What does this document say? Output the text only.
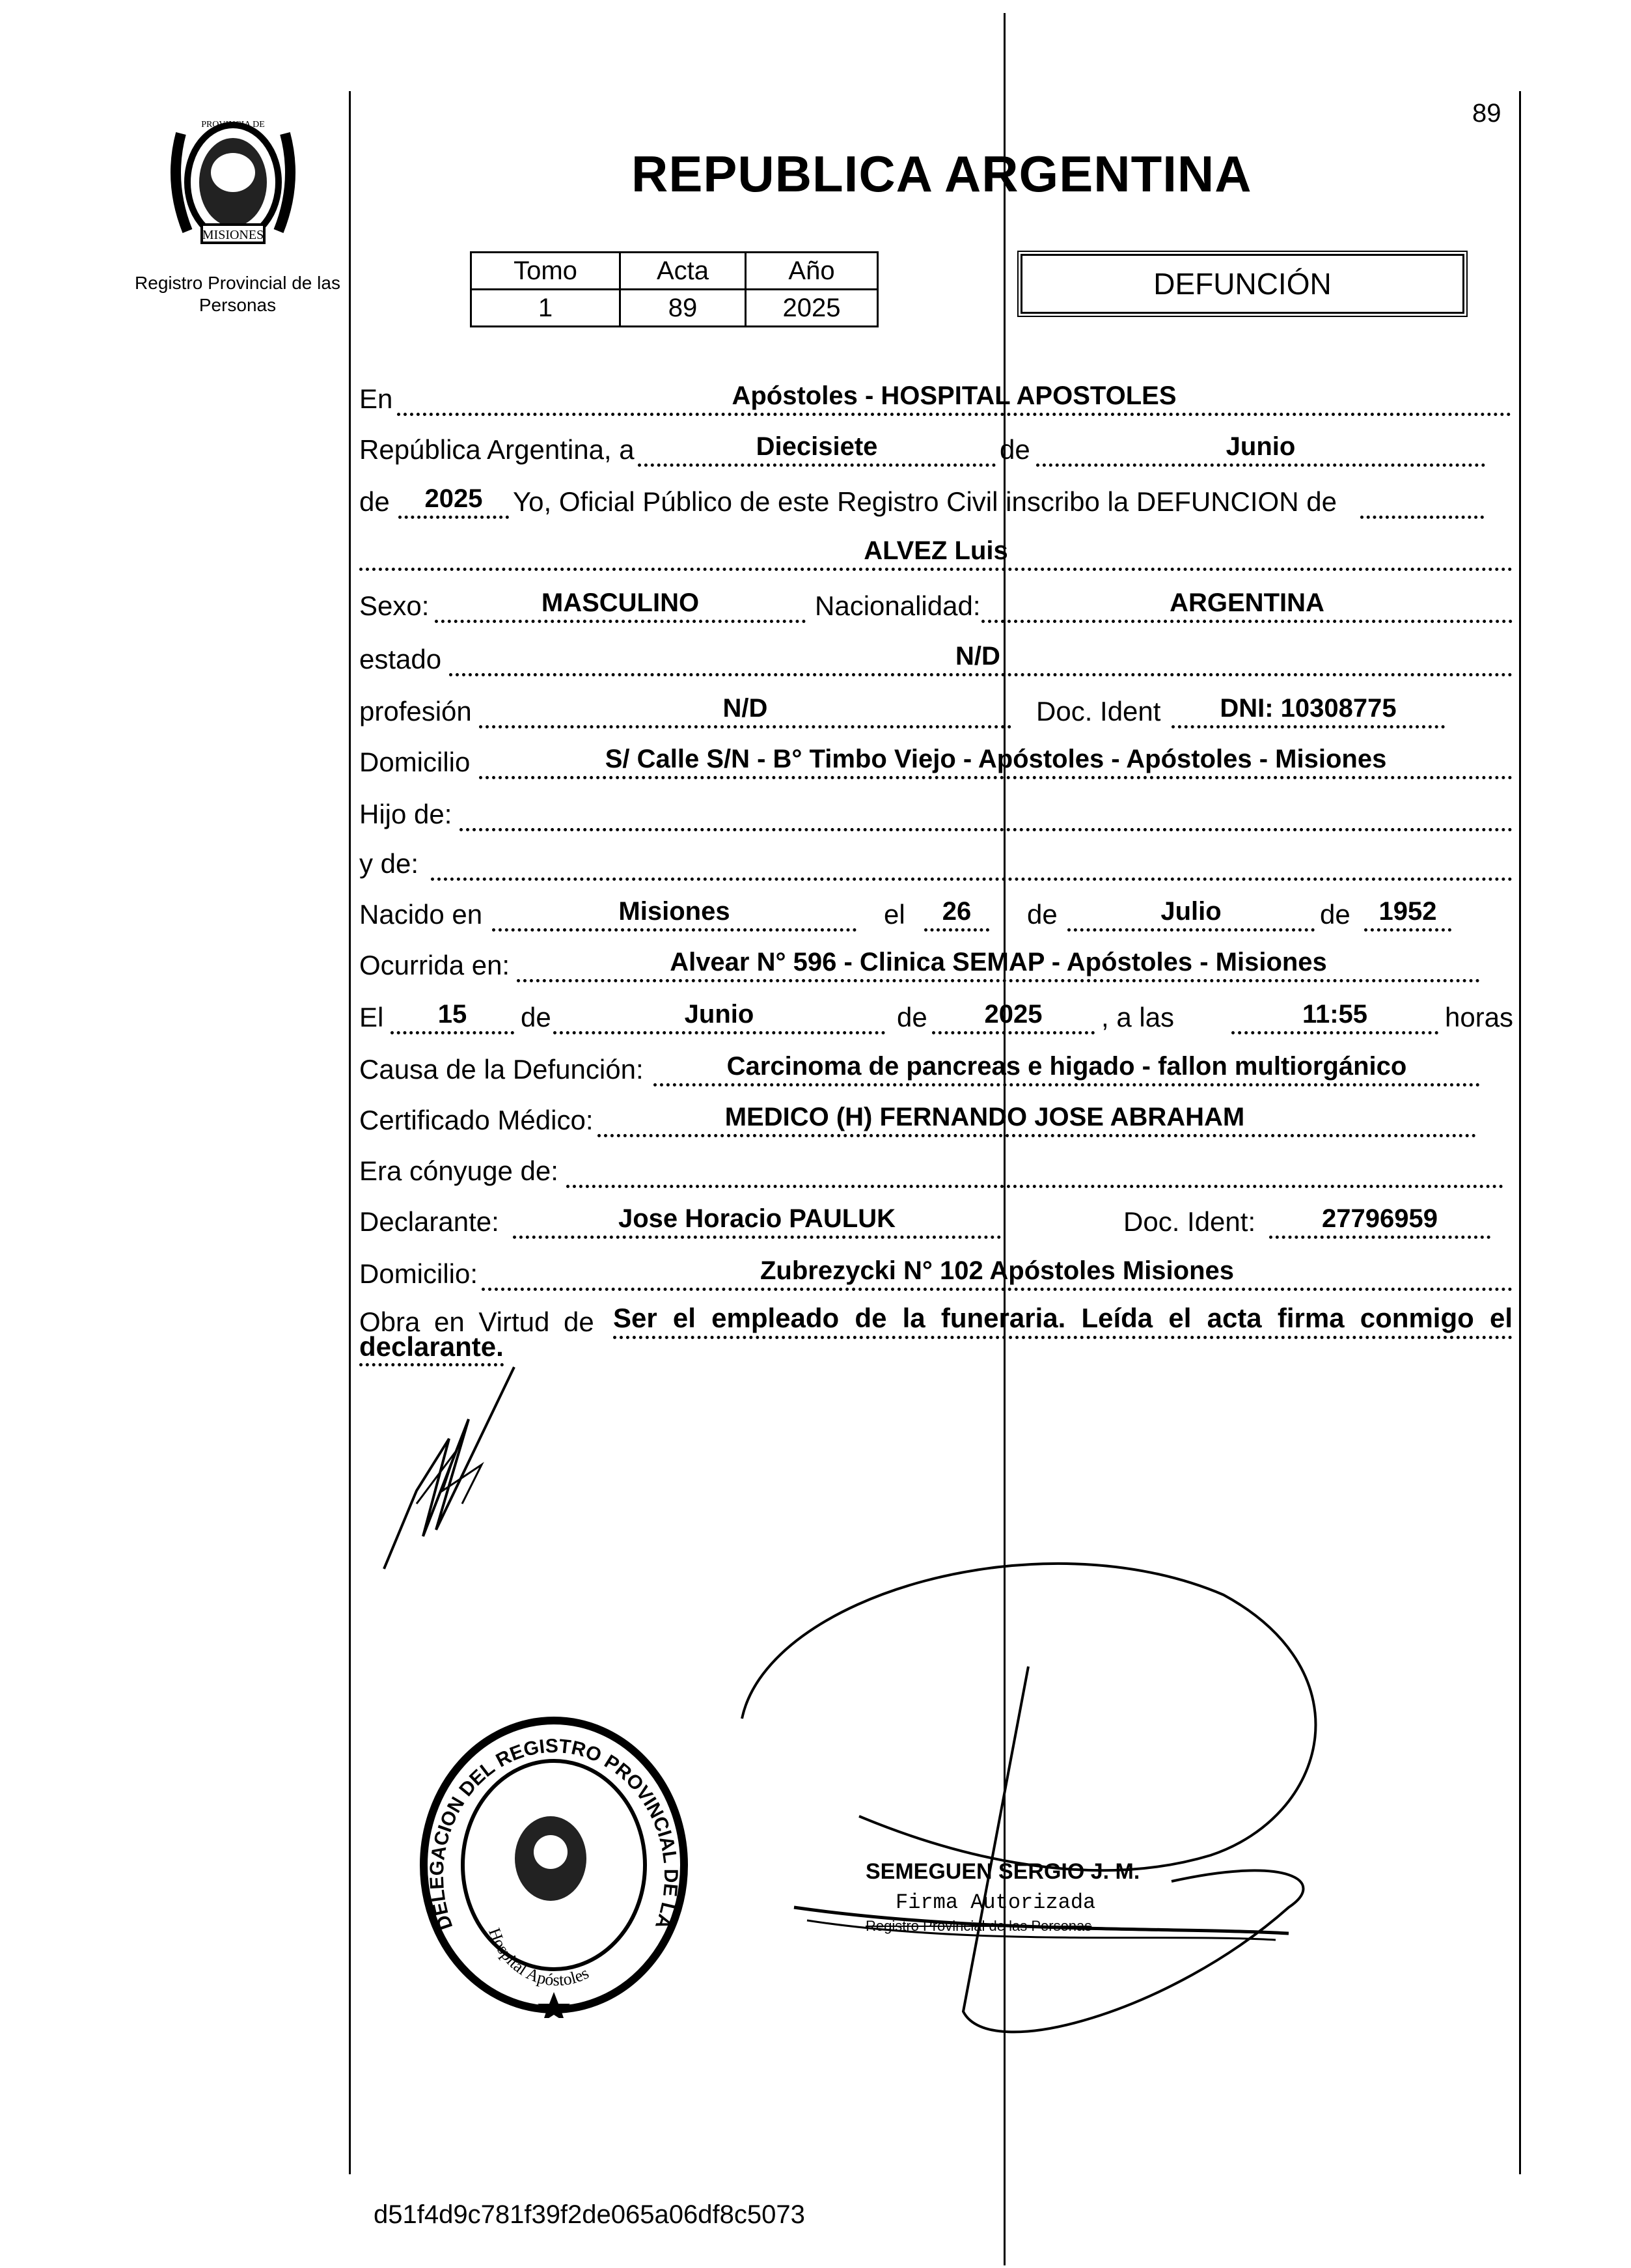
MISIONES
PROVINCIA DE
Registro Provincial de las Personas
REPUBLICA ARGENTINA
89
Tomo	Acta	Año
1	89	2025
DEFUNCIÓN
En	Apóstoles - HOSPITAL APOSTOLES
República Argentina, a	Diecisiete	de	Junio
de	2025	Yo, Oficial Público de este Registro Civil inscribo la DEFUNCION de
ALVEZ Luis
Sexo:	MASCULINO	Nacionalidad:	ARGENTINA
estado	N/D
profesión	N/D	Doc. Ident	DNI: 10308775
Domicilio	S/ Calle S/N - B° Timbo Viejo - Apóstoles - Apóstoles - Misiones
Hijo de:
y de:
Nacido en	Misiones	el	26	de	Julio	de	1952
Ocurrida en:	Alvear N° 596 - Clinica SEMAP - Apóstoles - Misiones
El	15	de	Junio	de	2025	, a las	11:55	horas
Causa de la Defunción:	Carcinoma de pancreas e higado - fallon multiorgánico
Certificado Médico:	MEDICO (H) FERNANDO JOSE ABRAHAM
Era cónyuge de:
Declarante:	Jose Horacio PAULUK	Doc. Ident:	27796959
Domicilio:	Zubrezycki N° 102 Apóstoles Misiones
Obra en Virtud de Ser el empleado de la funeraria. Leída el acta firma conmigo el
declarante.
DELEGACION DEL REGISTRO PROVINCIAL DE LA
Hospital Apóstoles
SEMEGUEN SERGIO J. M.
Firma Autorizada
Registro Provincial de las Personas
d51f4d9c781f39f2de065a06df8c5073
